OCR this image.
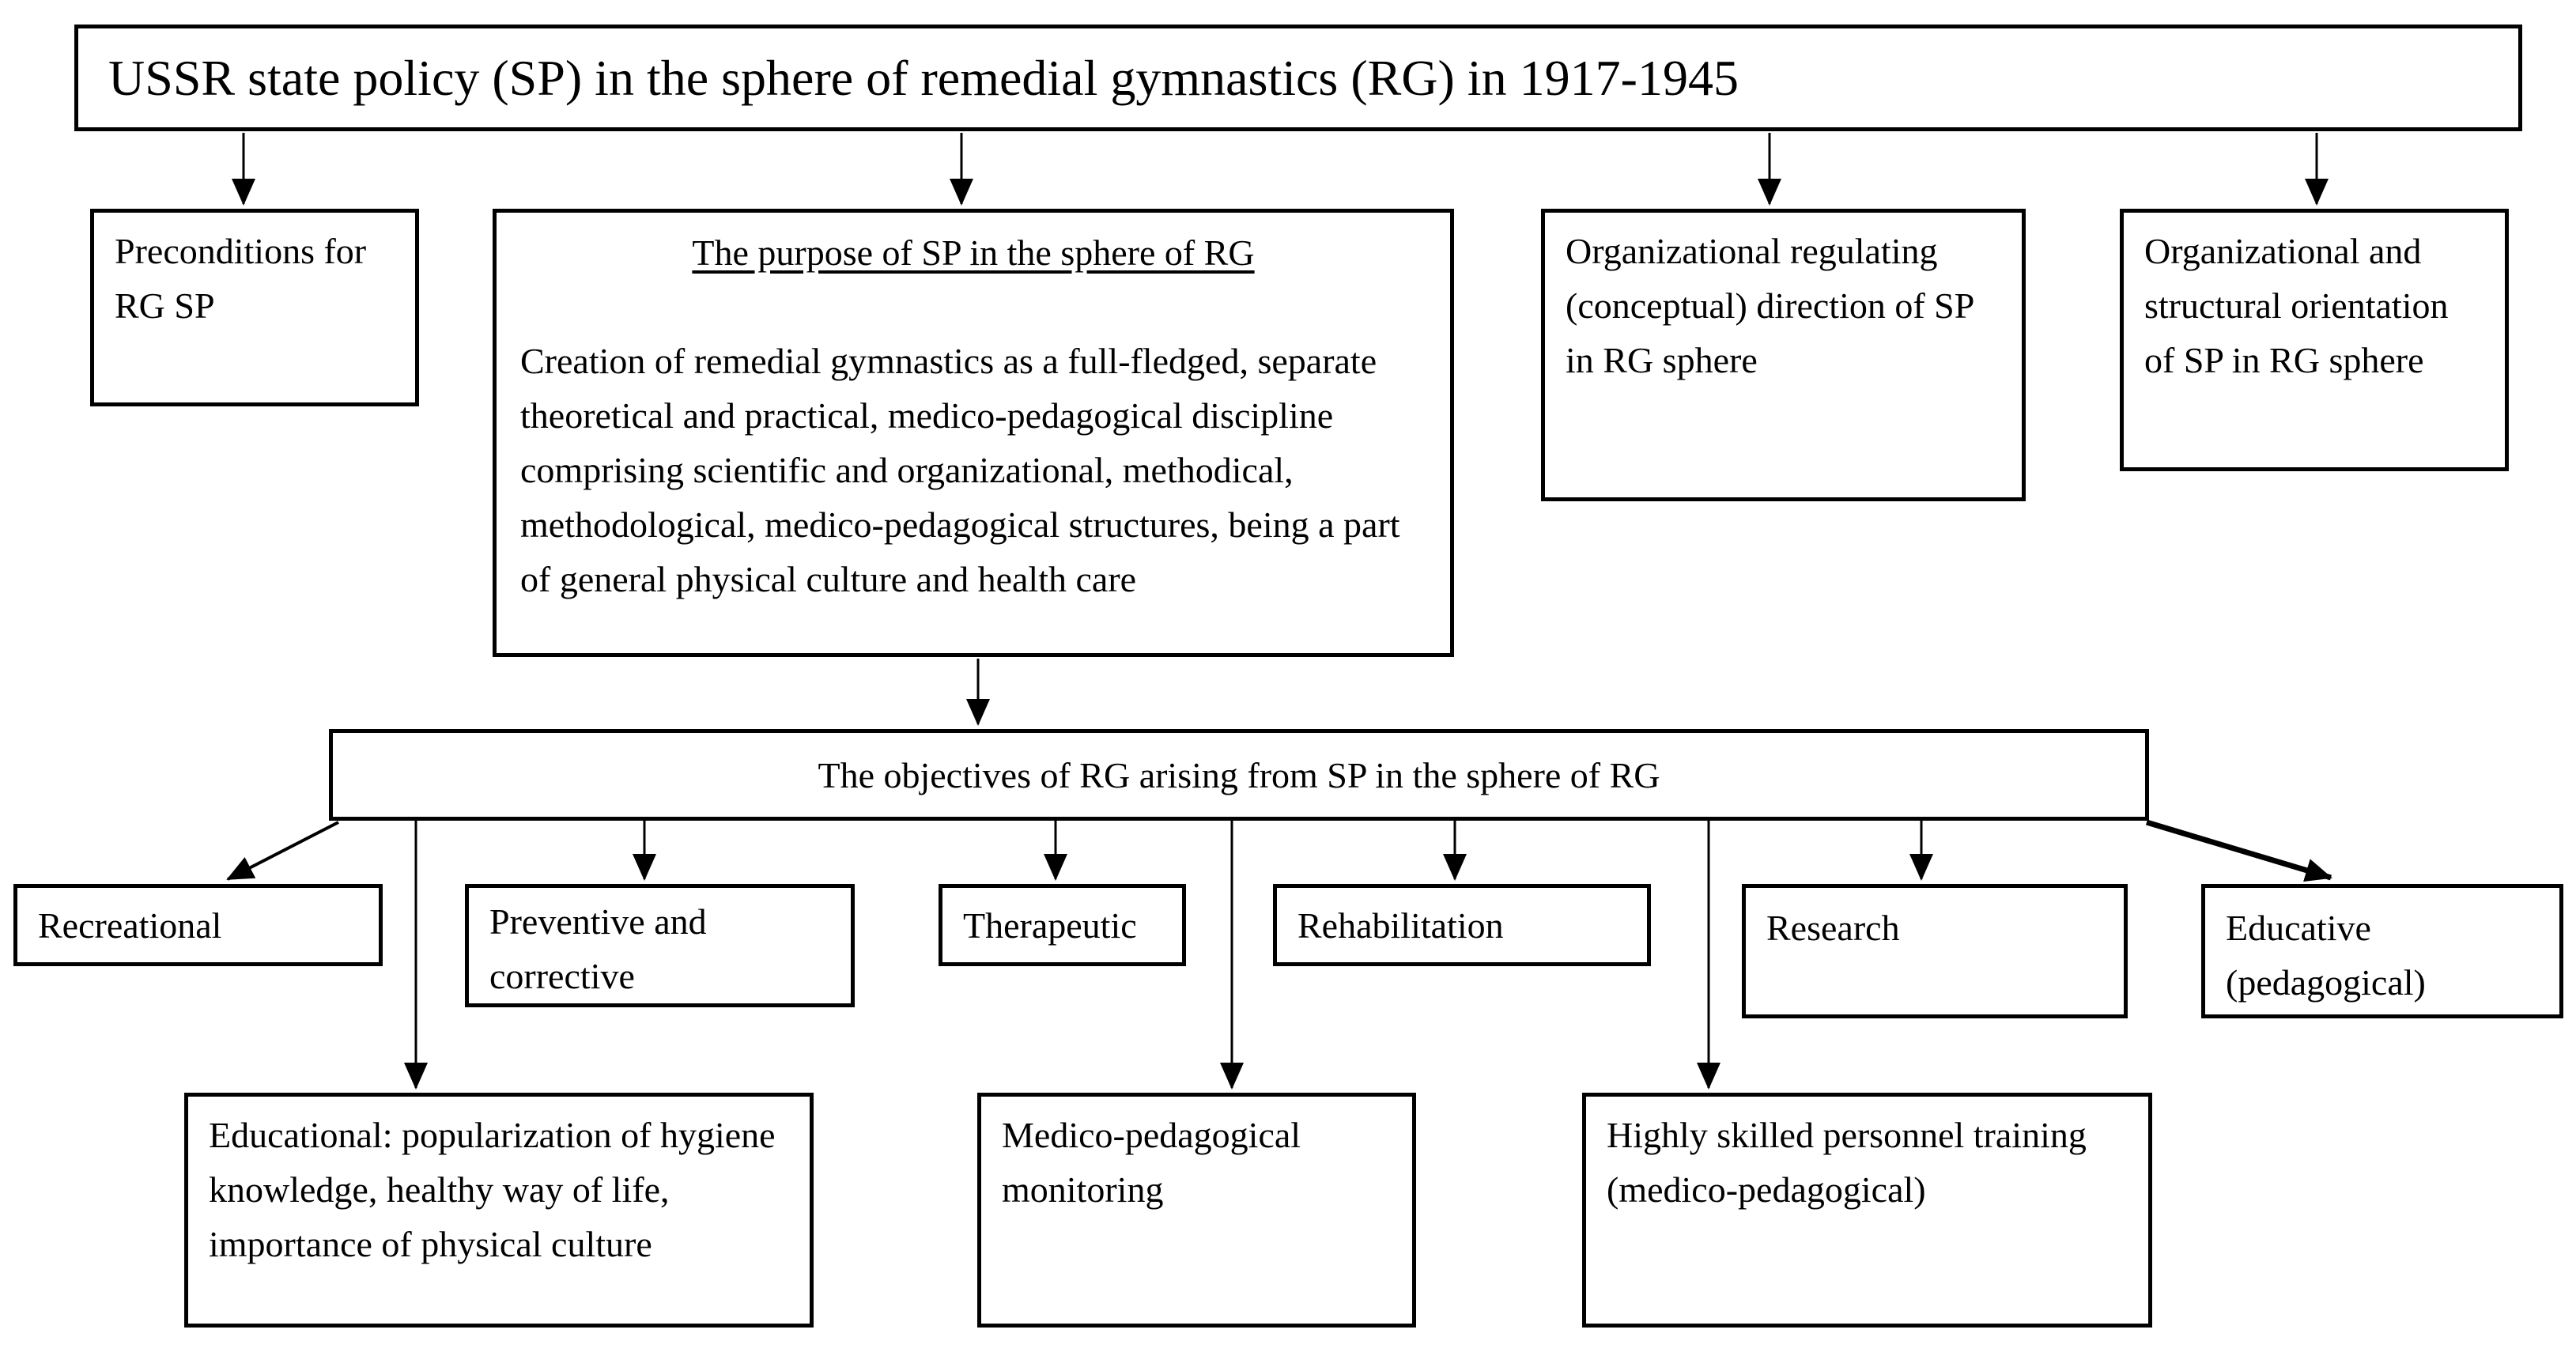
USSR state policy (SP) in the sphere of remedial gymnastics (RG) in 1917-1945
Preconditions for RG SP
The purpose of SP in the sphere of RG
Creation of remedial gymnastics as a full-fledged, separate theoretical and practical, medico-pedagogical discipline comprising scientific and organizational, methodical, methodological, medico-pedagogical structures, being a part of general physical culture and health care
Organizational regulating (conceptual) direction of SP in RG sphere
Organizational and structural orientation of SP in RG sphere
The objectives of RG arising from SP in the sphere of RG
Recreational	Preventive and corrective
Therapeutic	Rehabilitation	Research	Educative (pedagogical)
Educational: popularization of hygiene knowledge, healthy way of life, importance of physical culture
Medico-pedagogical monitoring
Highly skilled personnel training (medico-pedagogical)
